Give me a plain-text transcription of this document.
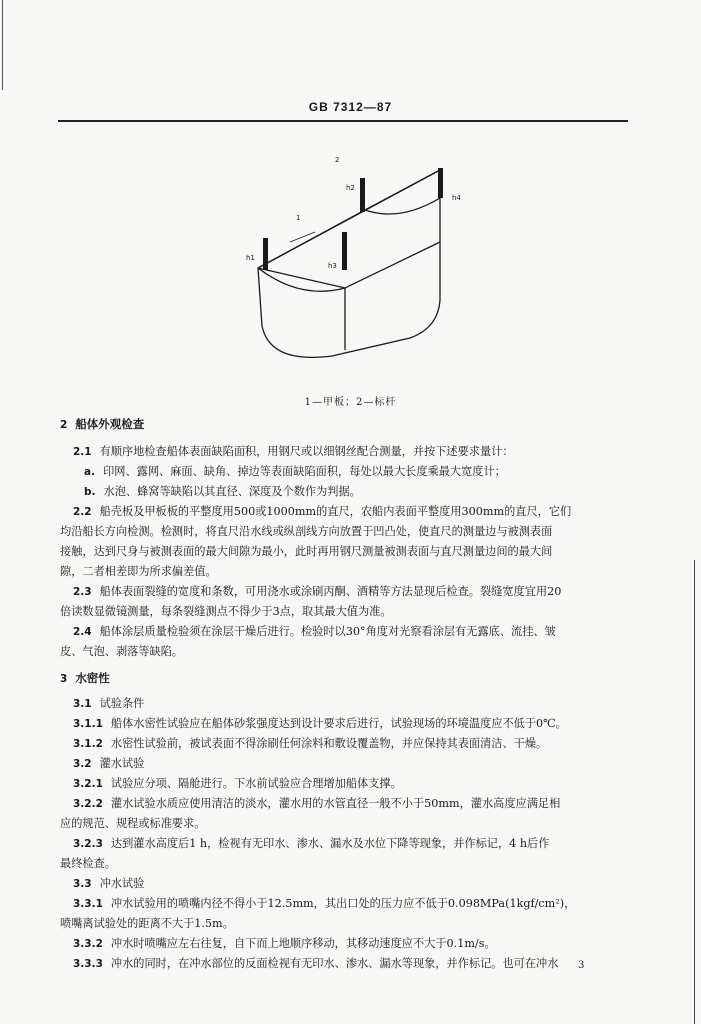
GB 7312—87
2
1
h1
h2
h3
h4
1—甲板；2—标杆
2 船体外观检查
2.1 有顺序地检查船体表面缺陷面积，用钢尺或以细钢丝配合测量，并按下述要求量计：
a. 印网、露网、麻面、缺角、掉边等表面缺陷面积，每处以最大长度乘最大宽度计；
b. 水泡、蜂窝等缺陷以其直径、深度及个数作为判据。
2.2 船壳板及甲板板的平整度用500或1000mm的直尺，农船内表面平整度用300mm的直尺，它们
均沿船长方向检测。检测时，将直尺沿水线或纵剖线方向放置于凹凸处，使直尺的测量边与被测表面
接触，达到尺身与被测表面的最大间隙为最小，此时再用钢尺测量被测表面与直尺测量边间的最大间
隙，二者相差即为所求偏差值。
2.3 船体表面裂缝的宽度和条数，可用浇水或涂刷丙酮、酒精等方法显现后检查。裂缝宽度宜用20
倍读数显微镜测量，每条裂缝测点不得少于3点，取其最大值为准。
2.4 船体涂层质量检验须在涂层干燥后进行。检验时以30°角度对光察看涂层有无露底、流挂、皱
皮、气泡、剥落等缺陷。
3 水密性
3.1 试验条件
3.1.1 船体水密性试验应在船体砂浆强度达到设计要求后进行，试验现场的环境温度应不低于0℃。
3.1.2 水密性试验前，被试表面不得涂刷任何涂料和敷设覆盖物，并应保持其表面清洁、干燥。
3.2 灌水试验
3.2.1 试验应分项、隔舱进行。下水前试验应合理增加船体支撑。
3.2.2 灌水试验水质应使用清洁的淡水，灌水用的水管直径一般不小于50mm，灌水高度应满足相
应的规范、规程或标准要求。
3.2.3 达到灌水高度后1 h，检视有无印水、渗水、漏水及水位下降等现象，并作标记，4 h后作
最终检查。
3.3 冲水试验
3.3.1 冲水试验用的喷嘴内径不得小于12.5mm，其出口处的压力应不低于0.098MPa(1kgf/cm²)，
喷嘴离试验处的距离不大于1.5m。
3.3.2 冲水时喷嘴应左右往复，自下而上地顺序移动，其移动速度应不大于0.1m/s。
3.3.3 冲水的同时，在冲水部位的反面检视有无印水、渗水、漏水等现象，并作标记。也可在冲水 3
